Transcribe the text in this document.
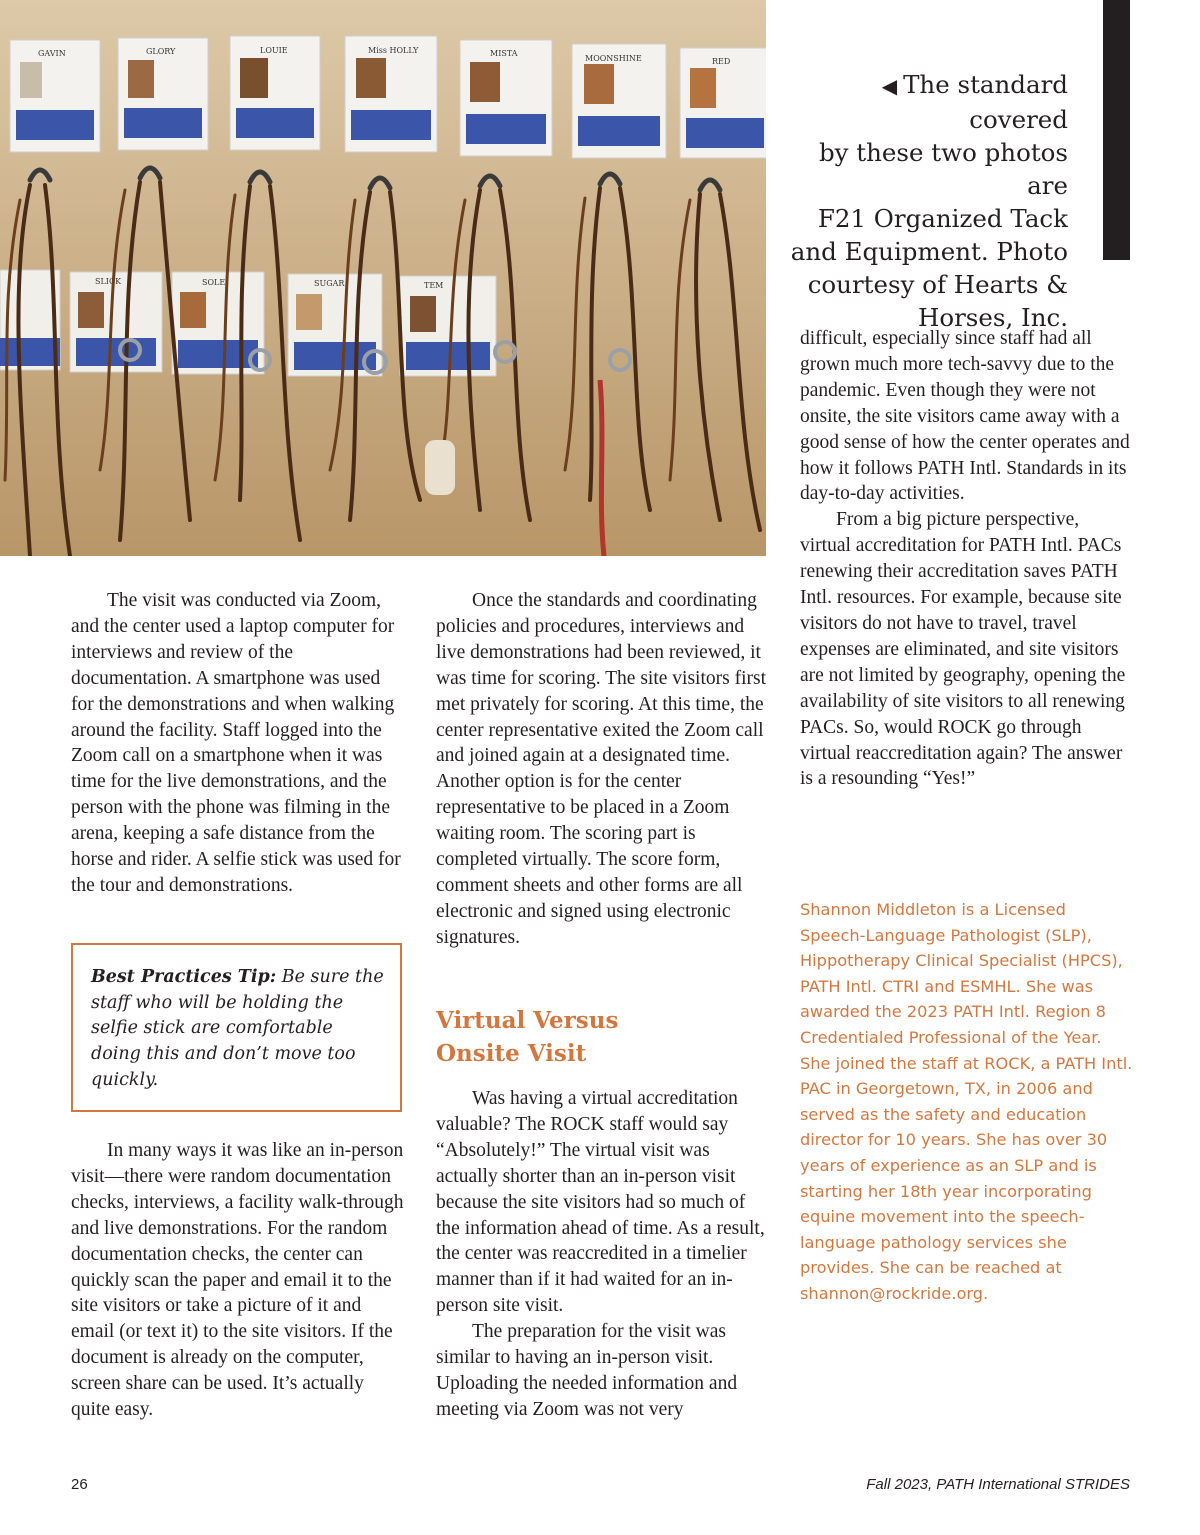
GAVIN	GLORY	LOUIE	Miss HOLLY	MISTA
MOONSHINE	RED
SLICK	SOLE	SUGAR	TEM
◀ The standard covered
by these two photos are
F21 Organized Tack
and Equipment. Photo
courtesy of Hearts &
Horses, Inc.

The visit was conducted via Zoom, and the center used a laptop computer for interviews and review of the documentation. A smartphone was used for the demonstrations and when walking around the facility. Staff logged into the Zoom call on a smartphone when it was time for the live demonstrations, and the person with the phone was filming in the arena, keeping a safe distance from the horse and rider. A selfie stick was used for the tour and demonstrations.

Best Practices Tip: Be sure the staff who will be holding the selfie stick are comfortable doing this and don’t move too quickly.

In many ways it was like an in-person visit—there were random documentation checks, interviews, a facility walk-through and live demonstrations. For the random documentation checks, the center can quickly scan the paper and email it to the site visitors or take a picture of it and email (or text it) to the site visitors. If the document is already on the computer, screen share can be used. It’s actually quite easy.

Once the standards and coordinating policies and procedures, interviews and live demonstrations had been reviewed, it was time for scoring. The site visitors first met privately for scoring. At this time, the center representative exited the Zoom call and joined again at a designated time. Another option is for the center representative to be placed in a Zoom waiting room. The scoring part is completed virtually. The score form, comment sheets and other forms are all electronic and signed using electronic signatures.

Virtual Versus
Onsite Visit

Was having a virtual accreditation valuable? The ROCK staff would say “Absolutely!” The virtual visit was actually shorter than an in-person visit because the site visitors had so much of the information ahead of time. As a result, the center was reaccredited in a timelier manner than if it had waited for an in-person site visit.

The preparation for the visit was similar to having an in-person visit. Uploading the needed information and meeting via Zoom was not very

difficult, especially since staff had all grown much more tech-savvy due to the pandemic. Even though they were not onsite, the site visitors came away with a good sense of how the center operates and how it follows PATH Intl. Standards in its day-to-day activities.

From a big picture perspective, virtual accreditation for PATH Intl. PACs renewing their accreditation saves PATH Intl. resources. For example, because site visitors do not have to travel, travel expenses are eliminated, and site visitors are not limited by geography, opening the availability of site visitors to all renewing PACs. So, would ROCK go through virtual reaccreditation again? The answer is a resounding “Yes!”

Shannon Middleton is a Licensed Speech-Language Pathologist (SLP), Hippotherapy Clinical Specialist (HPCS), PATH Intl. CTRI and ESMHL. She was awarded the 2023 PATH Intl. Region 8 Credentialed Professional of the Year. She joined the staff at ROCK, a PATH Intl. PAC in Georgetown, TX, in 2006 and served as the safety and education director for 10 years. She has over 30 years of experience as an SLP and is starting her 18th year incorporating equine movement into the speech-language pathology services she provides. She can be reached at shannon@rockride.org.
26	Fall 2023, PATH International STRIDES
